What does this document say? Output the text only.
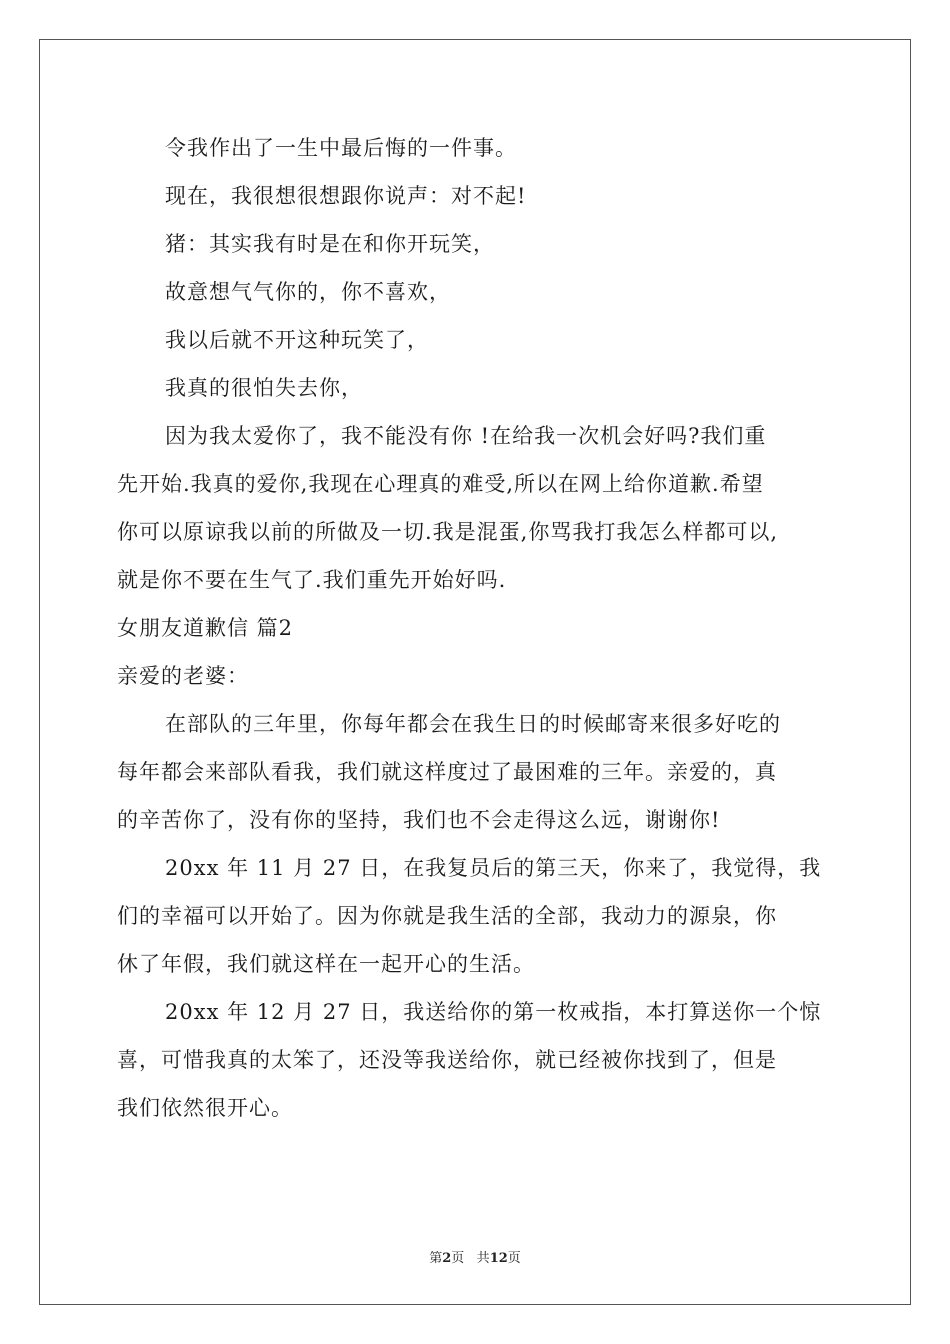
令我作出了一生中最后悔的一件事。

现在，我很想很想跟你说声：对不起!

猪：其实我有时是在和你开玩笑，

故意想气气你的，你不喜欢，

我以后就不开这种玩笑了，

我真的很怕失去你，

因为我太爱你了，我不能没有你 !在给我一次机会好吗?我们重

先开始.我真的爱你,我现在心理真的难受,所以在网上给你道歉.希望

你可以原谅我以前的所做及一切.我是混蛋,你骂我打我怎么样都可以,

就是你不要在生气了.我们重先开始好吗.

女朋友道歉信 篇2

亲爱的老婆：

在部队的三年里，你每年都会在我生日的时候邮寄来很多好吃的

每年都会来部队看我，我们就这样度过了最困难的三年。亲爱的，真

的辛苦你了，没有你的坚持，我们也不会走得这么远，谢谢你!

20xx 年 11 月 27 日，在我复员后的第三天，你来了，我觉得，我

们的幸福可以开始了。因为你就是我生活的全部，我动力的源泉，你

休了年假，我们就这样在一起开心的生活。

20xx 年 12 月 27 日，我送给你的第一枚戒指，本打算送你一个惊

喜，可惜我真的太笨了，还没等我送给你，就已经被你找到了，但是

我们依然很开心。

第2页 共12页
